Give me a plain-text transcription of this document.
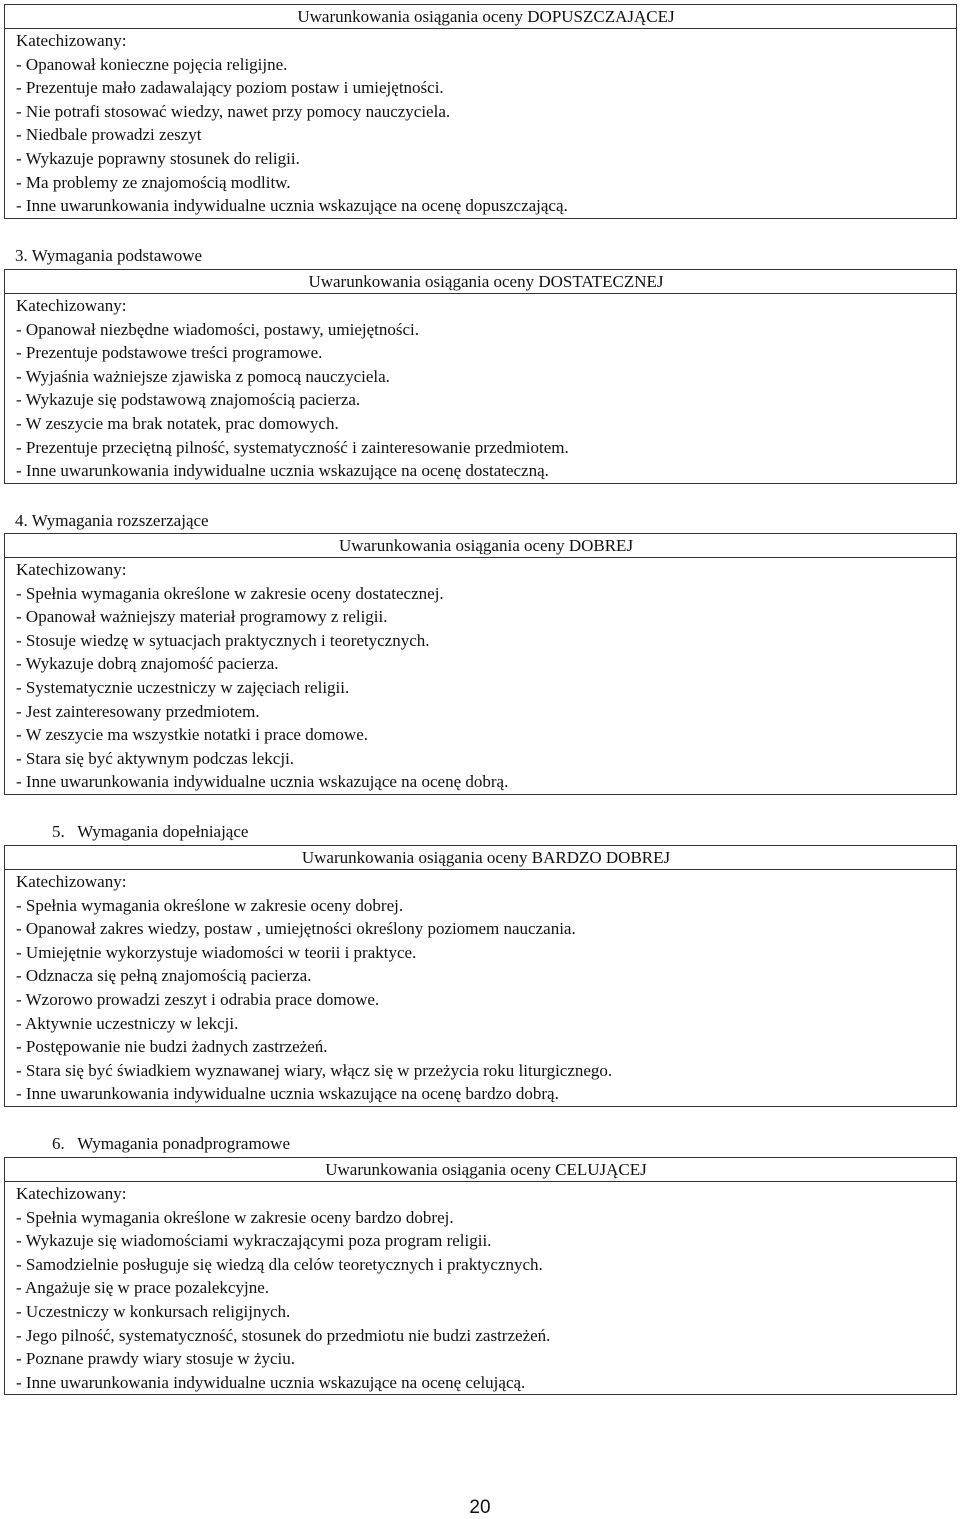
Uwarunkowania osiągania oceny DOPUSZCZAJĄCEJ

Katechizowany:
- Opanował konieczne pojęcia religijne.
- Prezentuje mało zadawalający poziom postaw i umiejętności.
- Nie potrafi stosować wiedzy, nawet przy pomocy nauczyciela.
- Niedbale prowadzi zeszyt
- Wykazuje poprawny stosunek do religii.
- Ma problemy ze znajomością modlitw.
- Inne uwarunkowania indywidualne ucznia wskazujące na ocenę dopuszczającą.
3. Wymagania podstawowe
Uwarunkowania osiągania oceny DOSTATECZNEJ

Katechizowany:
- Opanował niezbędne wiadomości, postawy, umiejętności.
- Prezentuje podstawowe treści programowe.
- Wyjaśnia ważniejsze zjawiska z pomocą nauczyciela.
- Wykazuje się podstawową znajomością pacierza.
- W zeszycie ma brak notatek, prac domowych.
- Prezentuje przeciętną pilność, systematyczność i zainteresowanie przedmiotem.
- Inne uwarunkowania indywidualne ucznia wskazujące na ocenę dostateczną.
4. Wymagania rozszerzające
Uwarunkowania osiągania oceny DOBREJ

Katechizowany:
- Spełnia wymagania określone w zakresie oceny dostatecznej.
- Opanował ważniejszy materiał programowy z religii.
- Stosuje wiedzę w sytuacjach praktycznych i teoretycznych.
- Wykazuje dobrą znajomość pacierza.
- Systematycznie uczestniczy w zajęciach religii.
- Jest zainteresowany przedmiotem.
- W zeszycie ma wszystkie notatki i prace domowe.
- Stara się być aktywnym podczas lekcji.
- Inne uwarunkowania indywidualne ucznia wskazujące na ocenę dobrą.
5.   Wymagania dopełniające
Uwarunkowania osiągania oceny BARDZO DOBREJ

Katechizowany:
- Spełnia wymagania określone w zakresie oceny dobrej.
- Opanował zakres wiedzy, postaw , umiejętności określony poziomem nauczania.
- Umiejętnie wykorzystuje wiadomości w teorii i praktyce.
- Odznacza się pełną znajomością pacierza.
- Wzorowo prowadzi zeszyt i odrabia prace domowe.
- Aktywnie uczestniczy w lekcji.
- Postępowanie nie budzi żadnych zastrzeżeń.
- Stara się być świadkiem wyznawanej wiary, włącz się w przeżycia roku liturgicznego.
- Inne uwarunkowania indywidualne ucznia wskazujące na ocenę bardzo dobrą.
6.   Wymagania ponadprogramowe
Uwarunkowania osiągania oceny CELUJĄCEJ

Katechizowany:
- Spełnia wymagania określone w zakresie oceny bardzo dobrej.
- Wykazuje się wiadomościami wykraczającymi poza program religii.
- Samodzielnie posługuje się wiedzą dla celów teoretycznych i praktycznych.
- Angażuje się w prace pozalekcyjne.
- Uczestniczy w konkursach religijnych.
- Jego pilność, systematyczność, stosunek do przedmiotu nie budzi zastrzeżeń.
- Poznane prawdy wiary stosuje w życiu.
- Inne uwarunkowania indywidualne ucznia wskazujące na ocenę celującą.
20
